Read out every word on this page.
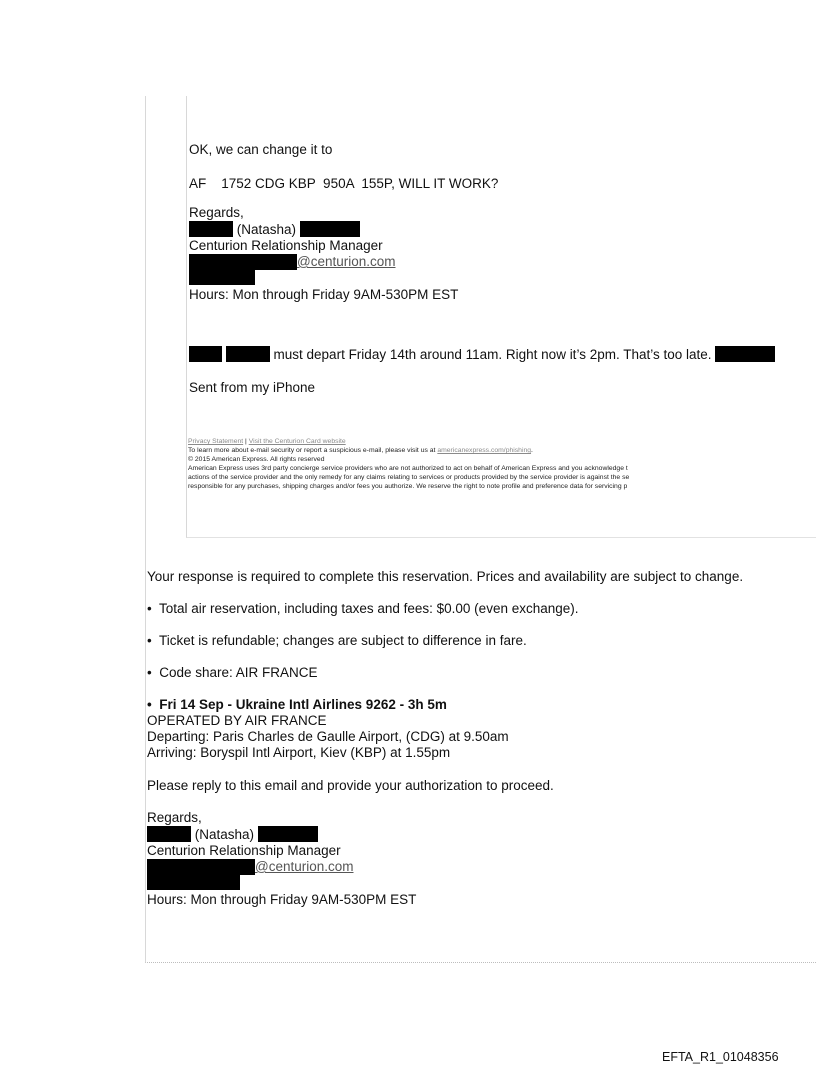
OK, we can change it to
AF    1752 CDG KBP  950A  155P, WILL IT WORK?
Regards,
(Natasha)
Centurion Relationship Manager
@centurion.com
Hours: Mon through Friday 9AM-530PM EST
must depart Friday 14th around 11am. Right now it’s 2pm. That’s too late.
Sent from my iPhone
Privacy Statement | Visit the Centurion Card website
To learn more about e-mail security or report a suspicious e-mail, please visit us at americanexpress.com/phishing.
© 2015 American Express. All rights reserved
American Express uses 3rd party concierge service providers who are not authorized to act on behalf of American Express and you acknowledge t
actions of the service provider and the only remedy for any claims relating to services or products provided by the service provider is against the se
responsible for any purchases, shipping charges and/or fees you authorize. We reserve the right to note profile and preference data for servicing p
Your response is required to complete this reservation. Prices and availability are subject to change.
• Total air reservation, including taxes and fees: $0.00 (even exchange).
• Ticket is refundable; changes are subject to difference in fare.
• Code share: AIR FRANCE
• Fri 14 Sep - Ukraine Intl Airlines 9262 - 3h 5m
OPERATED BY AIR FRANCE
Departing: Paris Charles de Gaulle Airport, (CDG) at 9.50am
Arriving: Boryspil Intl Airport, Kiev (KBP) at 1.55pm
Please reply to this email and provide your authorization to proceed.
Regards,
(Natasha)
Centurion Relationship Manager
@centurion.com
Hours: Mon through Friday 9AM-530PM EST
EFTA_R1_01048356
